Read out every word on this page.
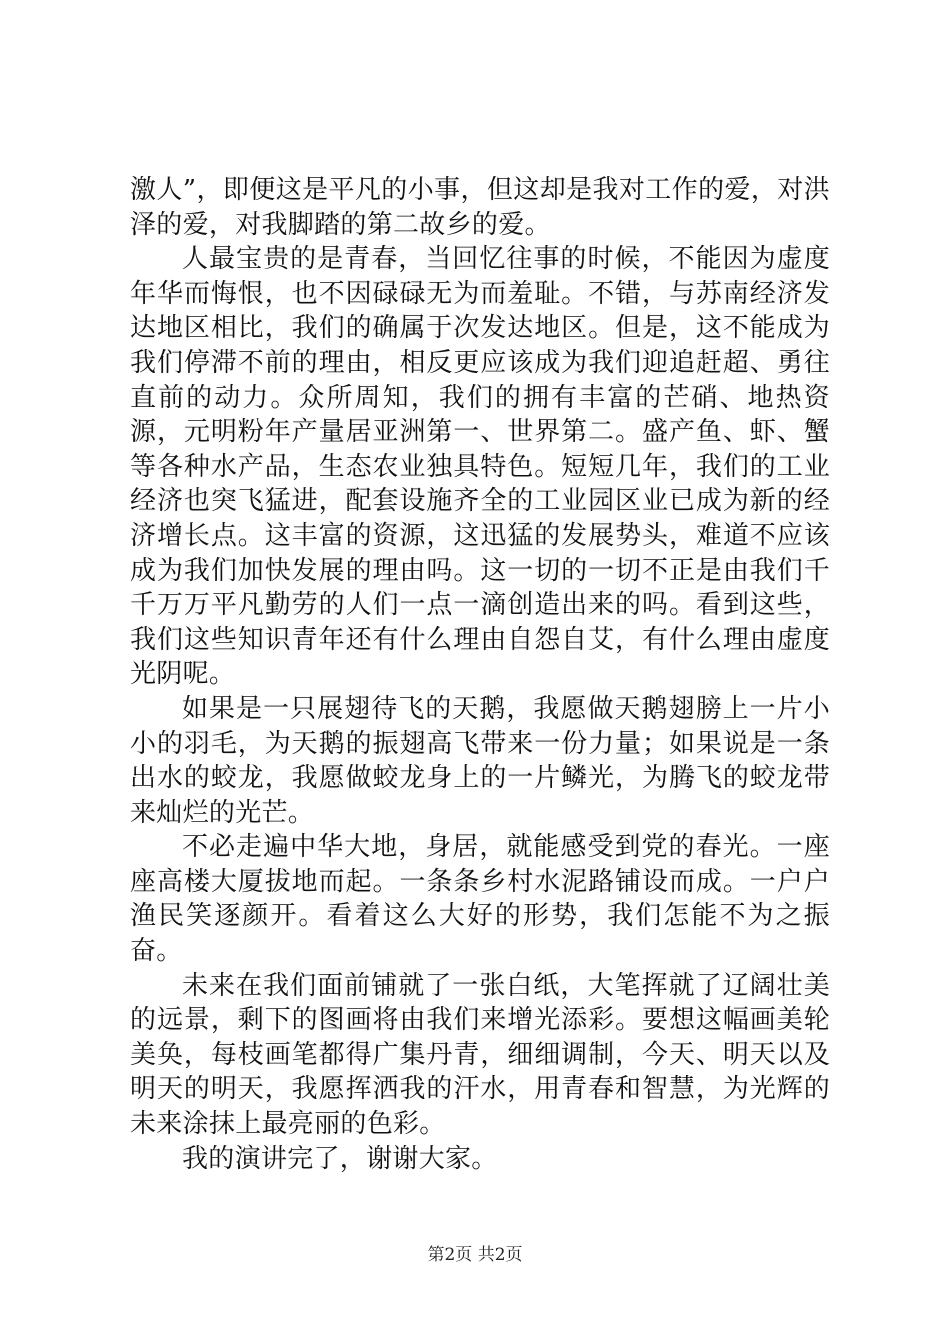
激人”，即便这是平凡的小事，但这却是我对工作的爱，对洪泽的爱，对我脚踏的第二故乡的爱。

人最宝贵的是青春，当回忆往事的时候，不能因为虚度年华而悔恨，也不因碌碌无为而羞耻。不错，与苏南经济发达地区相比，我们的确属于次发达地区。但是，这不能成为我们停滞不前的理由，相反更应该成为我们迎追赶超、勇往直前的动力。众所周知，我们的拥有丰富的芒硝、地热资源，元明粉年产量居亚洲第一、世界第二。盛产鱼、虾、蟹等各种水产品，生态农业独具特色。短短几年，我们的工业经济也突飞猛进，配套设施齐全的工业园区业已成为新的经济增长点。这丰富的资源，这迅猛的发展势头，难道不应该成为我们加快发展的理由吗。这一切的一切不正是由我们千千万万平凡勤劳的人们一点一滴创造出来的吗。看到这些，我们这些知识青年还有什么理由自怨自艾，有什么理由虚度光阴呢。

如果是一只展翅待飞的天鹅，我愿做天鹅翅膀上一片小小的羽毛，为天鹅的振翅高飞带来一份力量；如果说是一条出水的蛟龙，我愿做蛟龙身上的一片鳞光，为腾飞的蛟龙带来灿烂的光芒。

不必走遍中华大地，身居，就能感受到党的春光。一座座高楼大厦拔地而起。一条条乡村水泥路铺设而成。一户户渔民笑逐颜开。看着这么大好的形势，我们怎能不为之振奋。

未来在我们面前铺就了一张白纸，大笔挥就了辽阔壮美的远景，剩下的图画将由我们来增光添彩。要想这幅画美轮美奂，每枝画笔都得广集丹青，细细调制，今天、明天以及明天的明天，我愿挥洒我的汗水，用青春和智慧，为光辉的未来涂抹上最亮丽的色彩。

我的演讲完了，谢谢大家。

第2页 共2页
